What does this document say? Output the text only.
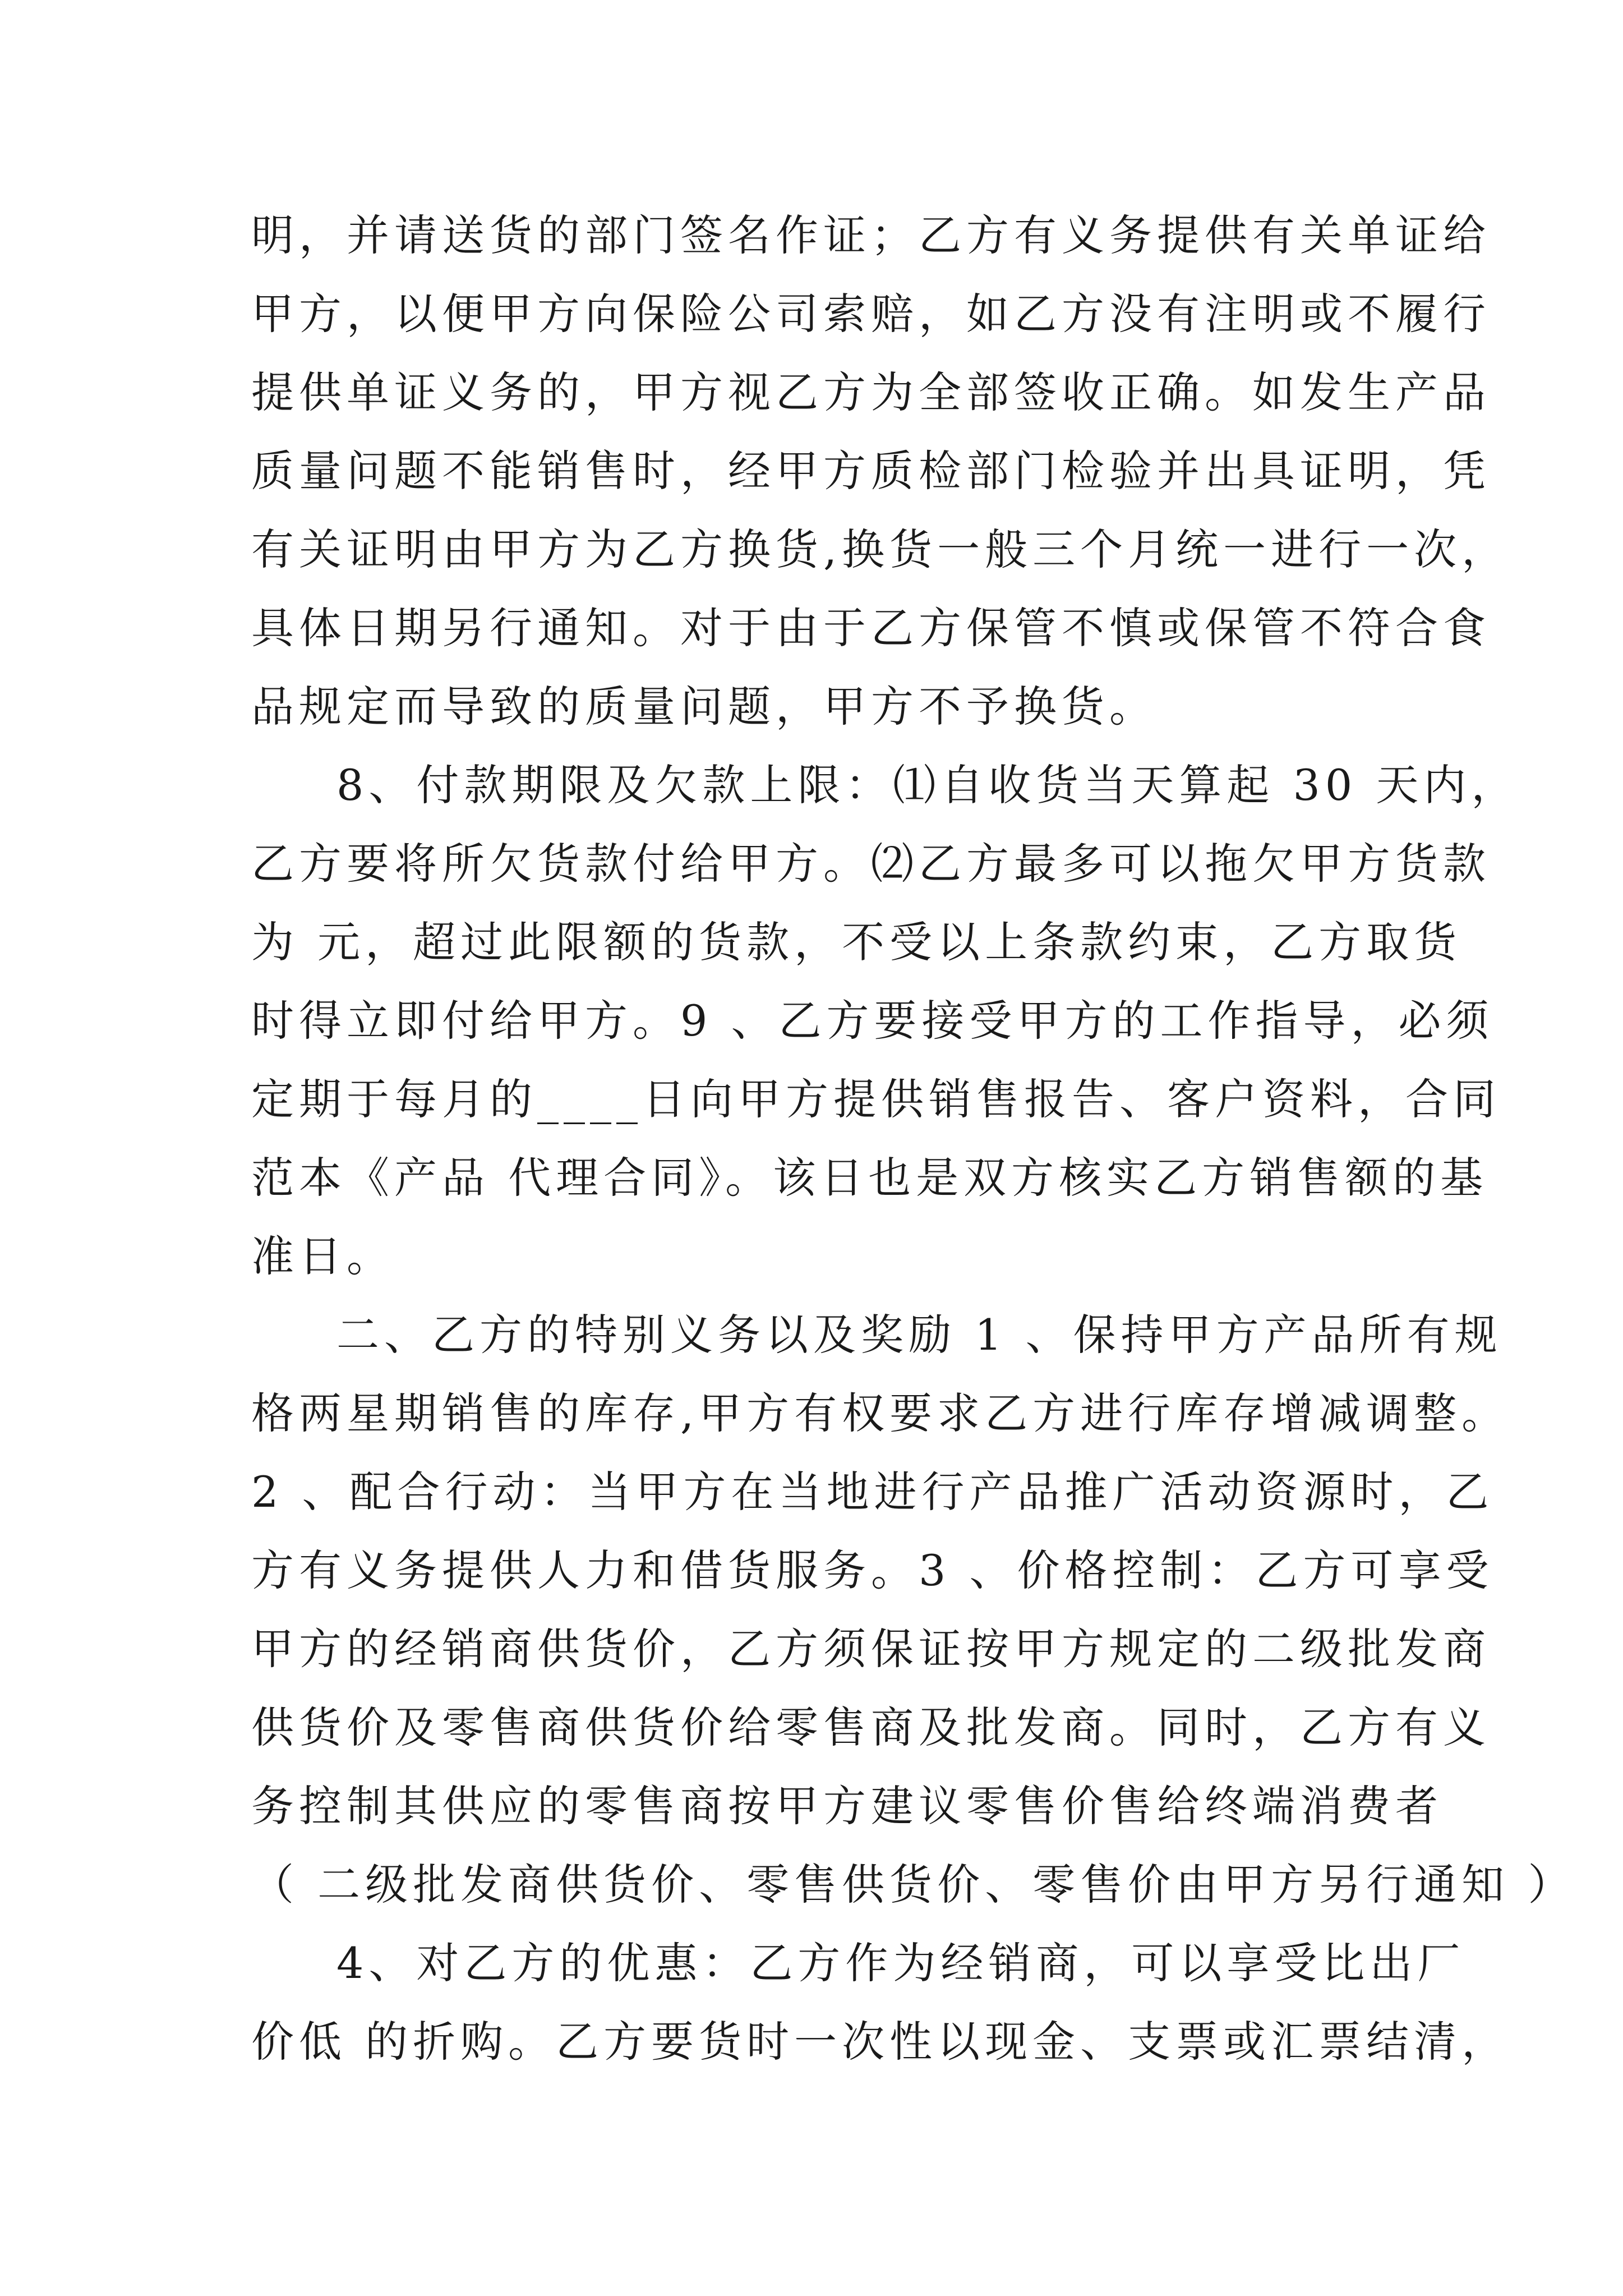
明，并请送货的部门签名作证；乙方有义务提供有关单证给
甲方，以便甲方向保险公司索赔，如乙方没有注明或不履行
提供单证义务的，甲方视乙方为全部签收正确。如发生产品
质量问题不能销售时，经甲方质检部门检验并出具证明，凭
有关证明由甲方为乙方换货,换货一般三个月统一进行一次，
具体日期另行通知。对于由于乙方保管不慎或保管不符合食
品规定而导致的质量问题，甲方不予换货。
8、付款期限及欠款上限：⑴自收货当天算起 30 天内，
乙方要将所欠货款付给甲方。⑵乙方最多可以拖欠甲方货款
为 元，超过此限额的货款，不受以上条款约束，乙方取货
时得立即付给甲方。9 、乙方要接受甲方的工作指导，必须
定期于每月的____日向甲方提供销售报告、客户资料，合同
范本《产品 代理合同》。该日也是双方核实乙方销售额的基
准日。
二、乙方的特别义务以及奖励 1 、保持甲方产品所有规
格两星期销售的库存,甲方有权要求乙方进行库存增减调整。
2 、配合行动：当甲方在当地进行产品推广活动资源时，乙
方有义务提供人力和借货服务。3 、价格控制：乙方可享受
甲方的经销商供货价，乙方须保证按甲方规定的二级批发商
供货价及零售商供货价给零售商及批发商。同时，乙方有义
务控制其供应的零售商按甲方建议零售价售给终端消费者
（ 二级批发商供货价、零售供货价、零售价由甲方另行通知 ）
4、对乙方的优惠：乙方作为经销商，可以享受比出厂
价低 的折购。乙方要货时一次性以现金、支票或汇票结清，
